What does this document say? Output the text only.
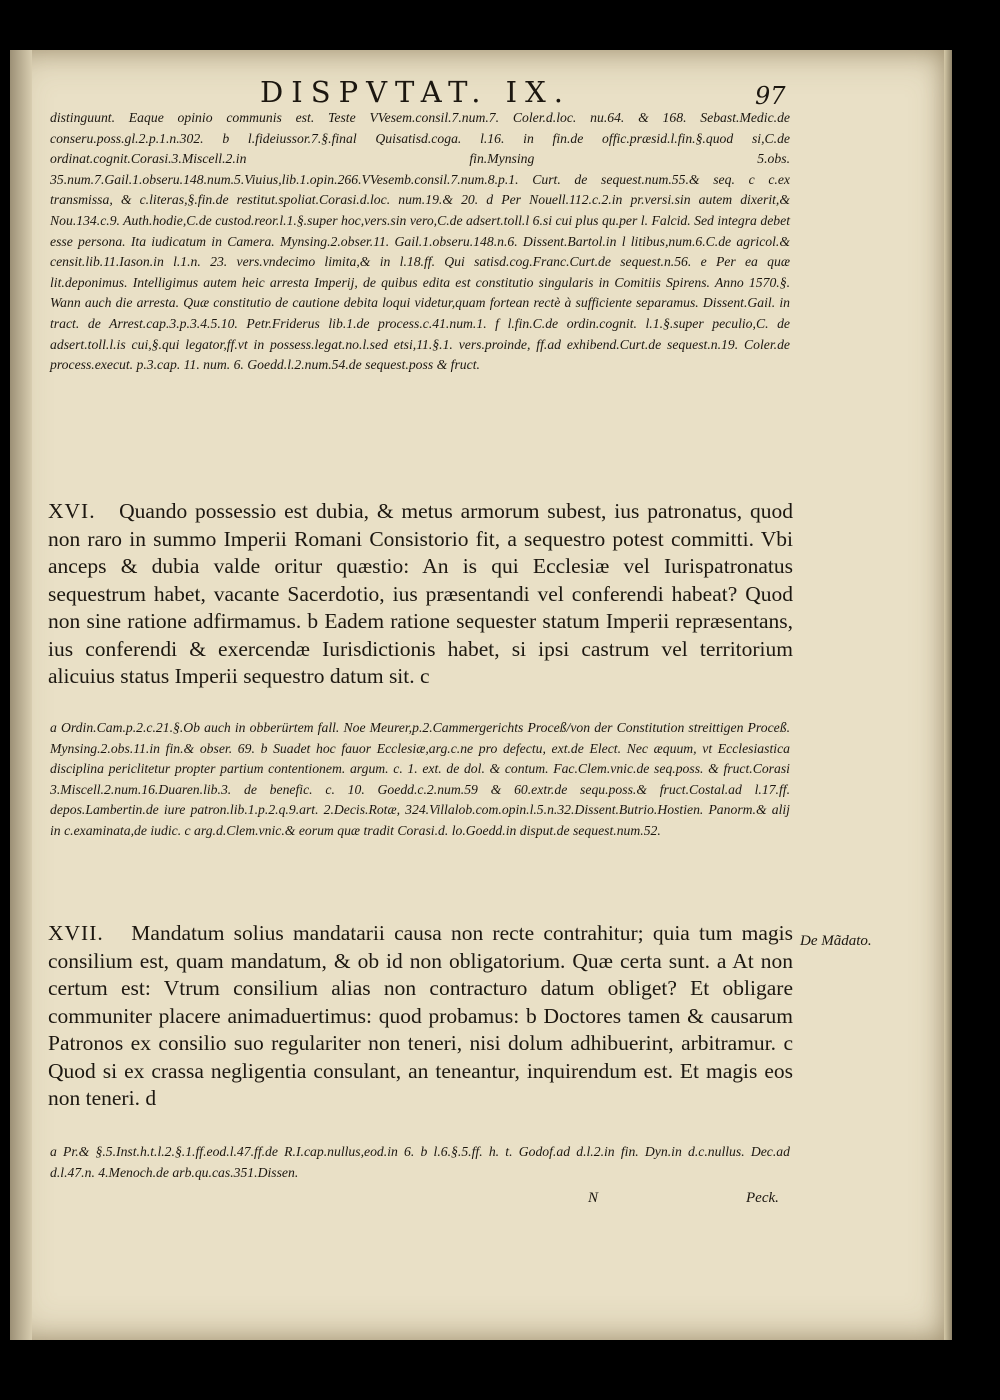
DISPVTAT. IX.	97

distinguunt. Eaque opinio communis est. Teste VVesem.consil.7.num.7. Coler.d.loc. nu.64. & 168. Sebast.Medic.de conseru.poss.gl.2.p.1.n.302. b l.fideiussor.7.§.final Quisatisd.coga. l.16. in fin.de offic.præsid.l.fin.§.quod si,C.de ordinat.cognit.Corasi.3.Miscell.2.in fin.Mynsing 5.obs. 35.num.7.Gail.1.obseru.148.num.5.Viuius,lib.1.opin.266.VVesemb.consil.7.num.8.p.1. Curt. de sequest.num.55.& seq. c c.ex transmissa, & c.literas,§.fin.de restitut.spoliat.Corasi.d.loc. num.19.& 20. d Per Nouell.112.c.2.in pr.versi.sin autem dixerit,& Nou.134.c.9. Auth.hodie,C.de custod.reor.l.1.§.super hoc,vers.sin vero,C.de adsert.toll.l 6.si cui plus qu.per l. Falcid. Sed integra debet esse persona. Ita iudicatum in Camera. Mynsing.2.obser.11. Gail.1.obseru.148.n.6. Dissent.Bartol.in l litibus,num.6.C.de agricol.& censit.lib.11.Iason.in l.1.n. 23. vers.vndecimo limita,& in l.18.ff. Qui satisd.cog.Franc.Curt.de sequest.n.56. e Per ea quæ lit.deponimus. Intelligimus autem heic arresta Imperij, de quibus edita est constitutio singularis in Comitiis Spirens. Anno 1570.§. Wann auch die arresta. Quæ constitutio de cautione debita loqui videtur,quam fortean rectè à sufficiente separamus. Dissent.Gail. in tract. de Arrest.cap.3.p.3.4.5.10. Petr.Friderus lib.1.de process.c.41.num.1. f l.fin.C.de ordin.cognit. l.1.§.super peculio,C. de adsert.toll.l.is cui,§.qui legator,ff.vt in possess.legat.no.l.sed etsi,11.§.1. vers.proinde, ff.ad exhibend.Curt.de sequest.n.19. Coler.de process.execut. p.3.cap. 11. num. 6. Goedd.l.2.num.54.de sequest.poss & fruct.

XVI. Quando possessio est dubia, & metus armorum subest, ius patronatus, quod non raro in summo Imperii Romani Consistorio fit, a sequestro potest committi. Vbi anceps & dubia valde oritur quæstio: An is qui Ecclesiæ vel Iurispatronatus sequestrum habet, vacante Sacerdotio, ius præsentandi vel conferendi habeat? Quod non sine ratione adfirmamus. b Eadem ratione sequester statum Imperii repræsentans, ius conferendi & exercendæ Iurisdictionis habet, si ipsi castrum vel territorium alicuius status Imperii sequestro datum sit. c

a Ordin.Cam.p.2.c.21.§.Ob auch in obberürtem fall. Noe Meurer,p.2.Cammergerichts Proceß/von der Constitution streittigen Proceß. Mynsing.2.obs.11.in fin.& obser. 69. b Suadet hoc fauor Ecclesiæ,arg.c.ne pro defectu, ext.de Elect. Nec æquum, vt Ecclesiastica disciplina periclitetur propter partium contentionem. argum. c. 1. ext. de dol. & contum. Fac.Clem.vnic.de seq.poss. & fruct.Corasi 3.Miscell.2.num.16.Duaren.lib.3. de benefic. c. 10. Goedd.c.2.num.59 & 60.extr.de sequ.poss.& fruct.Costal.ad l.17.ff. depos.Lambertin.de iure patron.lib.1.p.2.q.9.art. 2.Decis.Rotæ, 324.Villalob.com.opin.l.5.n.32.Dissent.Butrio.Hostien. Panorm.& alij in c.examinata,de iudic. c arg.d.Clem.vnic.& eorum quæ tradit Corasi.d. lo.Goedd.in disput.de sequest.num.52.

XVII. Mandatum solius mandatarii causa non recte contrahitur; quia tum magis consilium est, quam mandatum, & ob id non obligatorium. Quæ certa sunt. a At non certum est: Vtrum consilium alias non contracturo datum obliget? Et obligare communiter placere animaduertimus: quod probamus: b Doctores tamen & causarum Patronos ex consilio suo regulariter non teneri, nisi dolum adhibuerint, arbitramur. c Quod si ex crassa negligentia consulant, an teneantur, inquirendum est. Et magis eos non teneri. d

De Mãdato.

a Pr.& §.5.Inst.h.t.l.2.§.1.ff.eod.l.47.ff.de R.I.cap.nullus,eod.in 6. b l.6.§.5.ff. h. t. Godof.ad d.l.2.in fin. Dyn.in d.c.nullus. Dec.ad d.l.47.n. 4.Menoch.de arb.qu.cas.351.Dissen.

N	Peck.
